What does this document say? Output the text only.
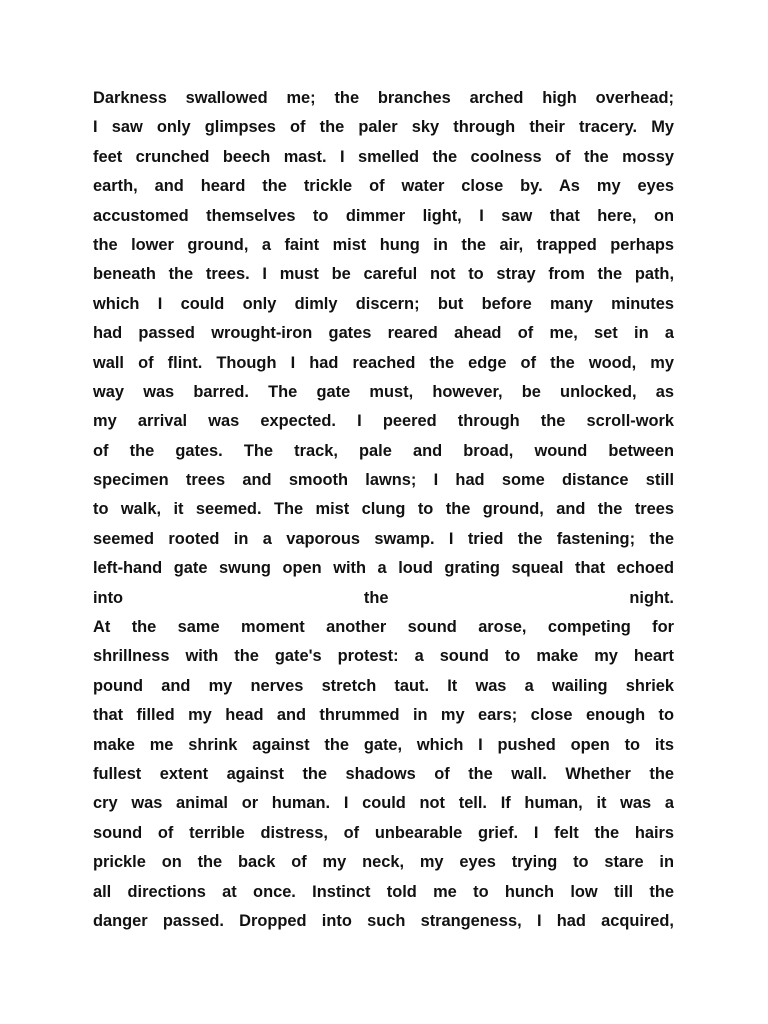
Darkness swallowed me; the branches arched high overhead;
I saw only glimpses of the paler sky through their tracery. My
feet crunched beech mast. I smelled the coolness of the mossy
earth, and heard the trickle of water close by. As my eyes
accustomed themselves to dimmer light, I saw that here, on
the lower ground, a faint mist hung in the air, trapped perhaps
beneath the trees. I must be careful not to stray from the path,
which I could only dimly discern; but before many minutes
had passed wrought-iron gates reared ahead of me, set in a
wall of flint. Though I had reached the edge of the wood, my
way was barred. The gate must, however, be unlocked, as
my arrival was expected. I peered through the scroll-work
of the gates. The track, pale and broad, wound between
specimen trees and smooth lawns; I had some distance still
to walk, it seemed. The mist clung to the ground, and the trees
seemed rooted in a vaporous swamp. I tried the fastening; the
left-hand gate swung open with a loud grating squeal that echoed
into the night.
At the same moment another sound arose, competing for
shrillness with the gate's protest: a sound to make my heart
pound and my nerves stretch taut. It was a wailing shriek
that filled my head and thrummed in my ears; close enough to
make me shrink against the gate, which I pushed open to its
fullest extent against the shadows of the wall. Whether the
cry was animal or human. I could not tell. If human, it was a
sound of terrible distress, of unbearable grief. I felt the hairs
prickle on the back of my neck, my eyes trying to stare in
all directions at once. Instinct told me to hunch low till the
danger passed. Dropped into such strangeness, I had acquired,
